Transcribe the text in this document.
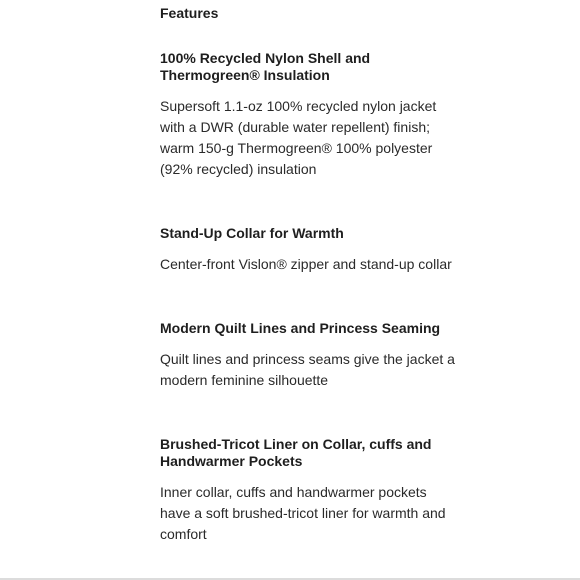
Features
100% Recycled Nylon Shell and Thermogreen® Insulation

Supersoft 1.1-oz 100% recycled nylon jacket with a DWR (durable water repellent) finish; warm 150-g Thermogreen® 100% polyester (92% recycled) insulation

Stand-Up Collar for Warmth

Center-front Vislon® zipper and stand-up collar

Modern Quilt Lines and Princess Seaming

Quilt lines and princess seams give the jacket a modern feminine silhouette

Brushed-Tricot Liner on Collar, cuffs and Handwarmer Pockets

Inner collar, cuffs and handwarmer pockets have a soft brushed-tricot liner for warmth and comfort
